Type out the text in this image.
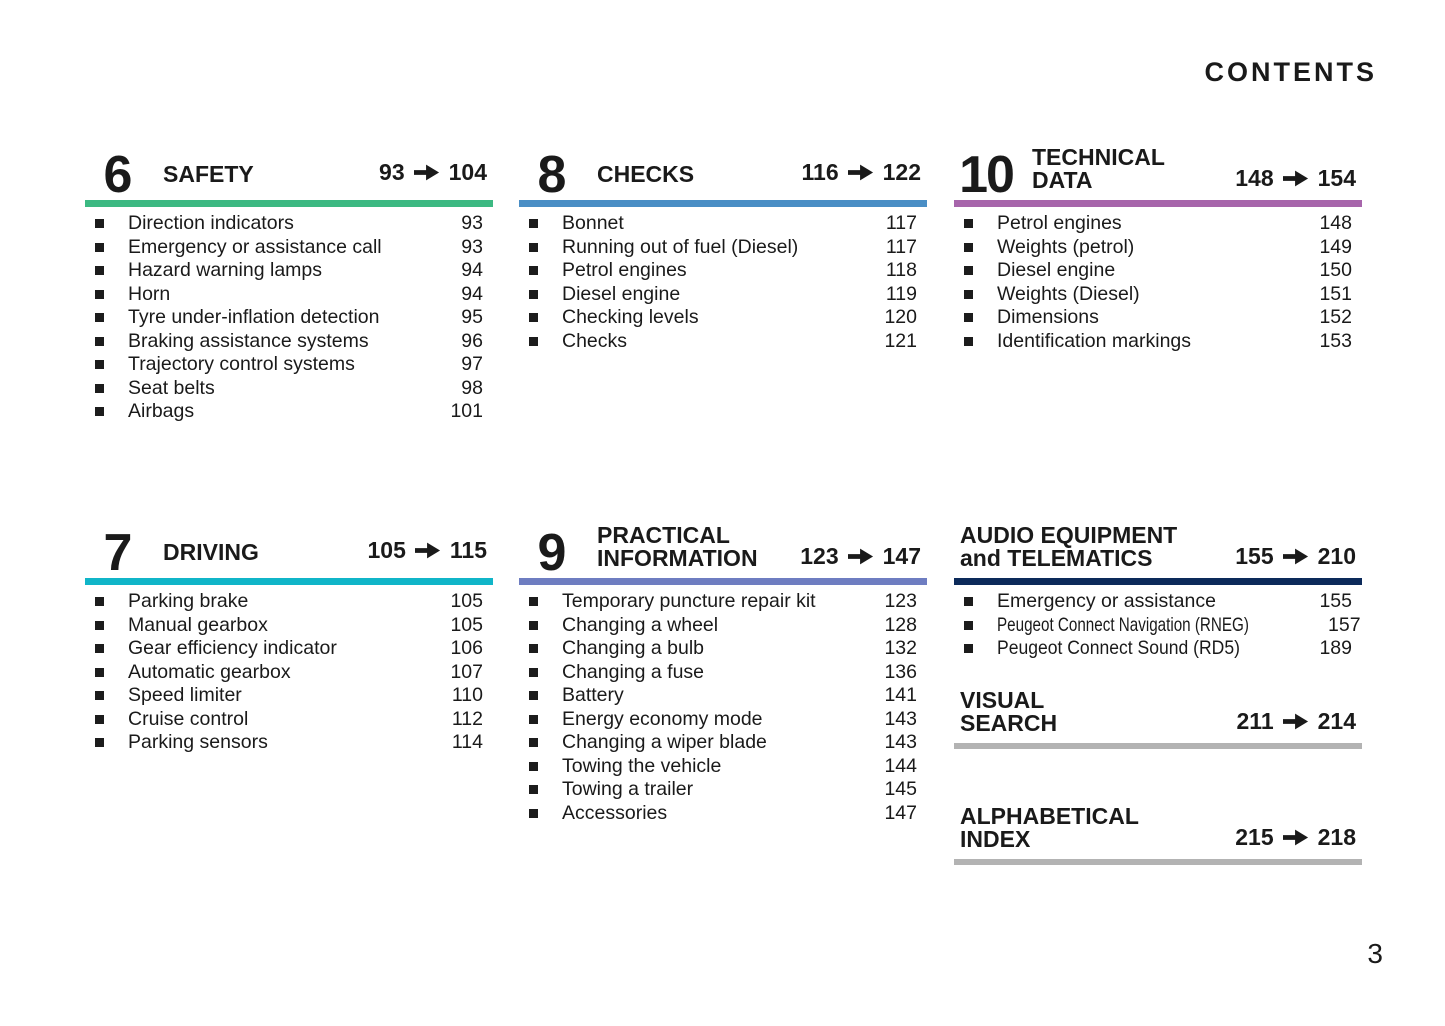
CONTENTS
6	SAFETY	93 104
Direction indicators	93
Emergency or assistance call	93
Hazard warning lamps	94
Horn	94
Tyre under-inflation detection	95
Braking assistance systems	96
Trajectory control systems	97
Seat belts	98
Airbags	101
8	CHECKS	116 122
Bonnet	117
Running out of fuel (Diesel)	117
Petrol engines	118
Diesel engine	119
Checking levels	120
Checks	121
10 TECHNICAL
DATA	148 154
Petrol engines	148
Weights (petrol)	149
Diesel engine	150
Weights (Diesel)	151
Dimensions	152
Identification markings	153
7	DRIVING	105 115
Parking brake	105
Manual gearbox	105
Gear efficiency indicator	106
Automatic gearbox	107
Speed limiter	110
Cruise control	112
Parking sensors	114
9	PRACTICAL
INFORMATION 123 147
Temporary puncture repair kit	123
Changing a wheel	128
Changing a bulb	132
Changing a fuse	136
Battery	141
Energy economy mode	143
Changing a wiper blade	143
Towing the vehicle	144
Towing a trailer	145
Accessories	147
AUDIO EQUIPMENT
and TELEMATICS	155 210
Emergency or assistance	155
Peugeot Connect Navigation (RNEG)	157
Peugeot Connect Sound (RD5)	189
VISUAL
SEARCH	211 214
ALPHABETICAL
INDEX	215 218
3
